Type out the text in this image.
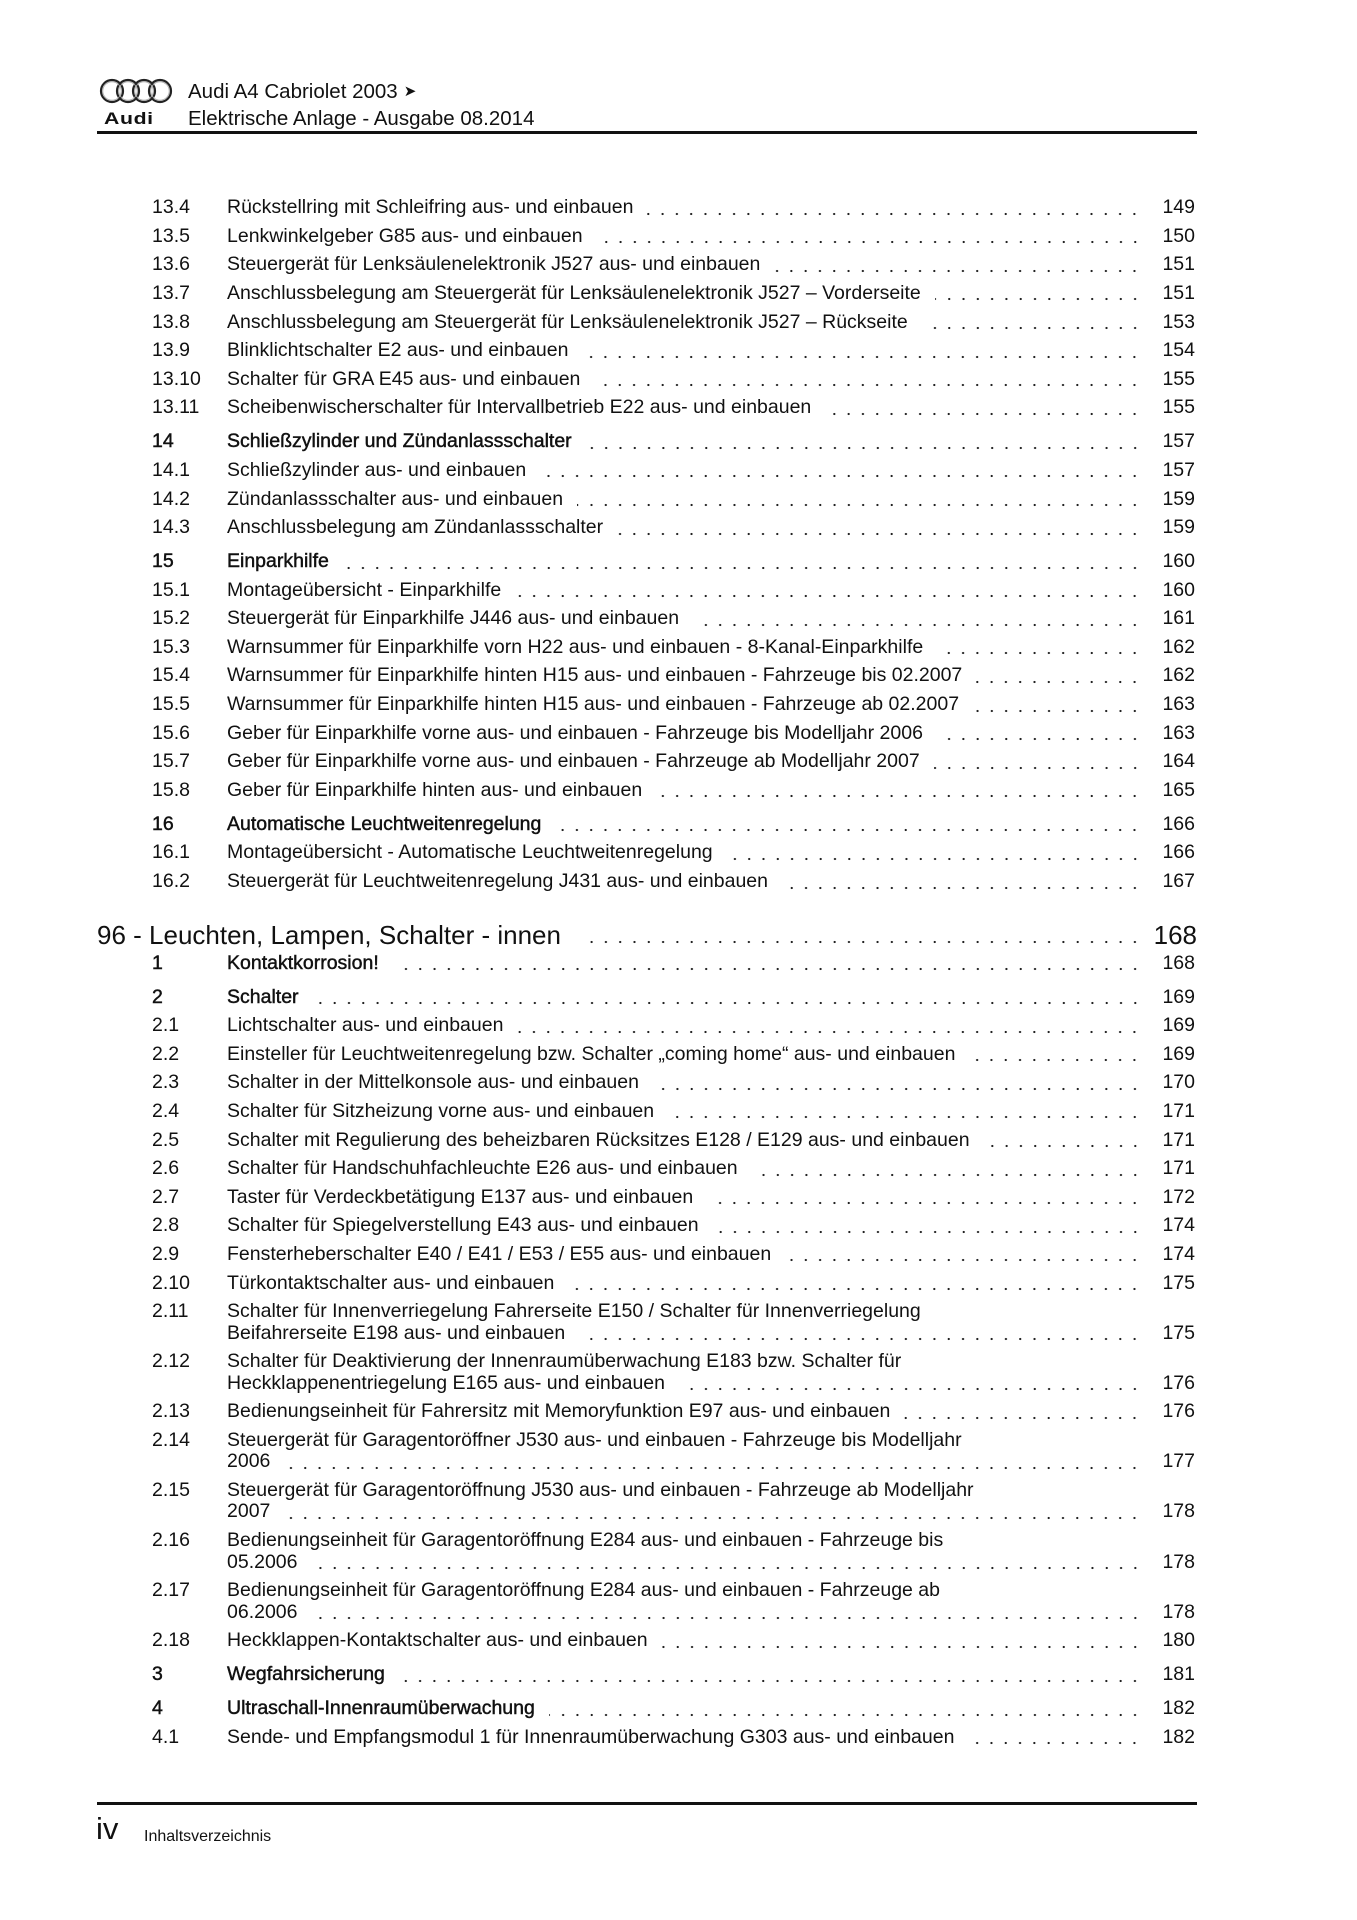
Audi
Audi A4 Cabriolet 2003 ➤
Elektrische Anlage - Ausgabe 08.2014
13.4 Rückstellring mit Schleifring aus- und einbauen	149
13.5 Lenkwinkelgeber G85 aus- und einbauen	150
13.6 Steuergerät für Lenksäulenelektronik J527 aus- und einbauen	151
13.7 Anschlussbelegung am Steuergerät für Lenksäulenelektronik J527 – Vorderseite	151
13.8 Anschlussbelegung am Steuergerät für Lenksäulenelektronik J527 – Rückseite	153
13.9 Blinklichtschalter E2 aus- und einbauen	154
13.10 Schalter für GRA E45 aus- und einbauen	155
13.11 Scheibenwischerschalter für Intervallbetrieb E22 aus- und einbauen	155
14	Schließzylinder und Zündanlassschalter	157
14.1 Schließzylinder aus- und einbauen	157
14.2 Zündanlassschalter aus- und einbauen	159
14.3 Anschlussbelegung am Zündanlassschalter	159
15	Einparkhilfe	160
15.1 Montageübersicht - Einparkhilfe	160
15.2 Steuergerät für Einparkhilfe J446 aus- und einbauen	161
15.3 Warnsummer für Einparkhilfe vorn H22 aus- und einbauen - 8-Kanal-Einparkhilfe	162
15.4 Warnsummer für Einparkhilfe hinten H15 aus- und einbauen - Fahrzeuge bis 02.2007	162
15.5 Warnsummer für Einparkhilfe hinten H15 aus- und einbauen - Fahrzeuge ab 02.2007	163
15.6 Geber für Einparkhilfe vorne aus- und einbauen - Fahrzeuge bis Modelljahr 2006	163
15.7 Geber für Einparkhilfe vorne aus- und einbauen - Fahrzeuge ab Modelljahr 2007	164
15.8 Geber für Einparkhilfe hinten aus- und einbauen	165
16	Automatische Leuchtweitenregelung	166
16.1 Montageübersicht - Automatische Leuchtweitenregelung	166
16.2 Steuergerät für Leuchtweitenregelung J431 aus- und einbauen	167
96 - Leuchten, Lampen, Schalter - innen	168
1	Kontaktkorrosion!	168
2	Schalter	169
2.1 Lichtschalter aus- und einbauen	169
2.2 Einsteller für Leuchtweitenregelung bzw. Schalter „coming home“ aus- und einbauen	169
2.3 Schalter in der Mittelkonsole aus- und einbauen	170
2.4 Schalter für Sitzheizung vorne aus- und einbauen	171
2.5 Schalter mit Regulierung des beheizbaren Rücksitzes E128 / E129 aus- und einbauen	171
2.6 Schalter für Handschuhfachleuchte E26 aus- und einbauen	171
2.7 Taster für Verdeckbetätigung E137 aus- und einbauen	172
2.8 Schalter für Spiegelverstellung E43 aus- und einbauen	174
2.9 Fensterheberschalter E40 / E41 / E53 / E55 aus- und einbauen	174
2.10 Türkontaktschalter aus- und einbauen	175
2.11 Schalter für Innenverriegelung Fahrerseite E150 / Schalter für Innenverriegelung
Beifahrerseite E198 aus- und einbauen	175
2.12 Schalter für Deaktivierung der Innenraumüberwachung E183 bzw. Schalter für
Heckklappenentriegelung E165 aus- und einbauen	176
2.13 Bedienungseinheit für Fahrersitz mit Memoryfunktion E97 aus- und einbauen	176
2.14 Steuergerät für Garagentoröffner J530 aus- und einbauen - Fahrzeuge bis Modelljahr
2006	177
2.15 Steuergerät für Garagentoröffnung J530 aus- und einbauen - Fahrzeuge ab Modelljahr
2007	178
2.16 Bedienungseinheit für Garagentoröffnung E284 aus- und einbauen - Fahrzeuge bis
05.2006	178
2.17 Bedienungseinheit für Garagentoröffnung E284 aus- und einbauen - Fahrzeuge ab
06.2006	178
2.18 Heckklappen-Kontaktschalter aus- und einbauen	180
3	Wegfahrsicherung	181
4	Ultraschall-Innenraumüberwachung	182
4.1 Sende- und Empfangsmodul 1 für Innenraumüberwachung G303 aus- und einbauen	182
iv Inhaltsverzeichnis
